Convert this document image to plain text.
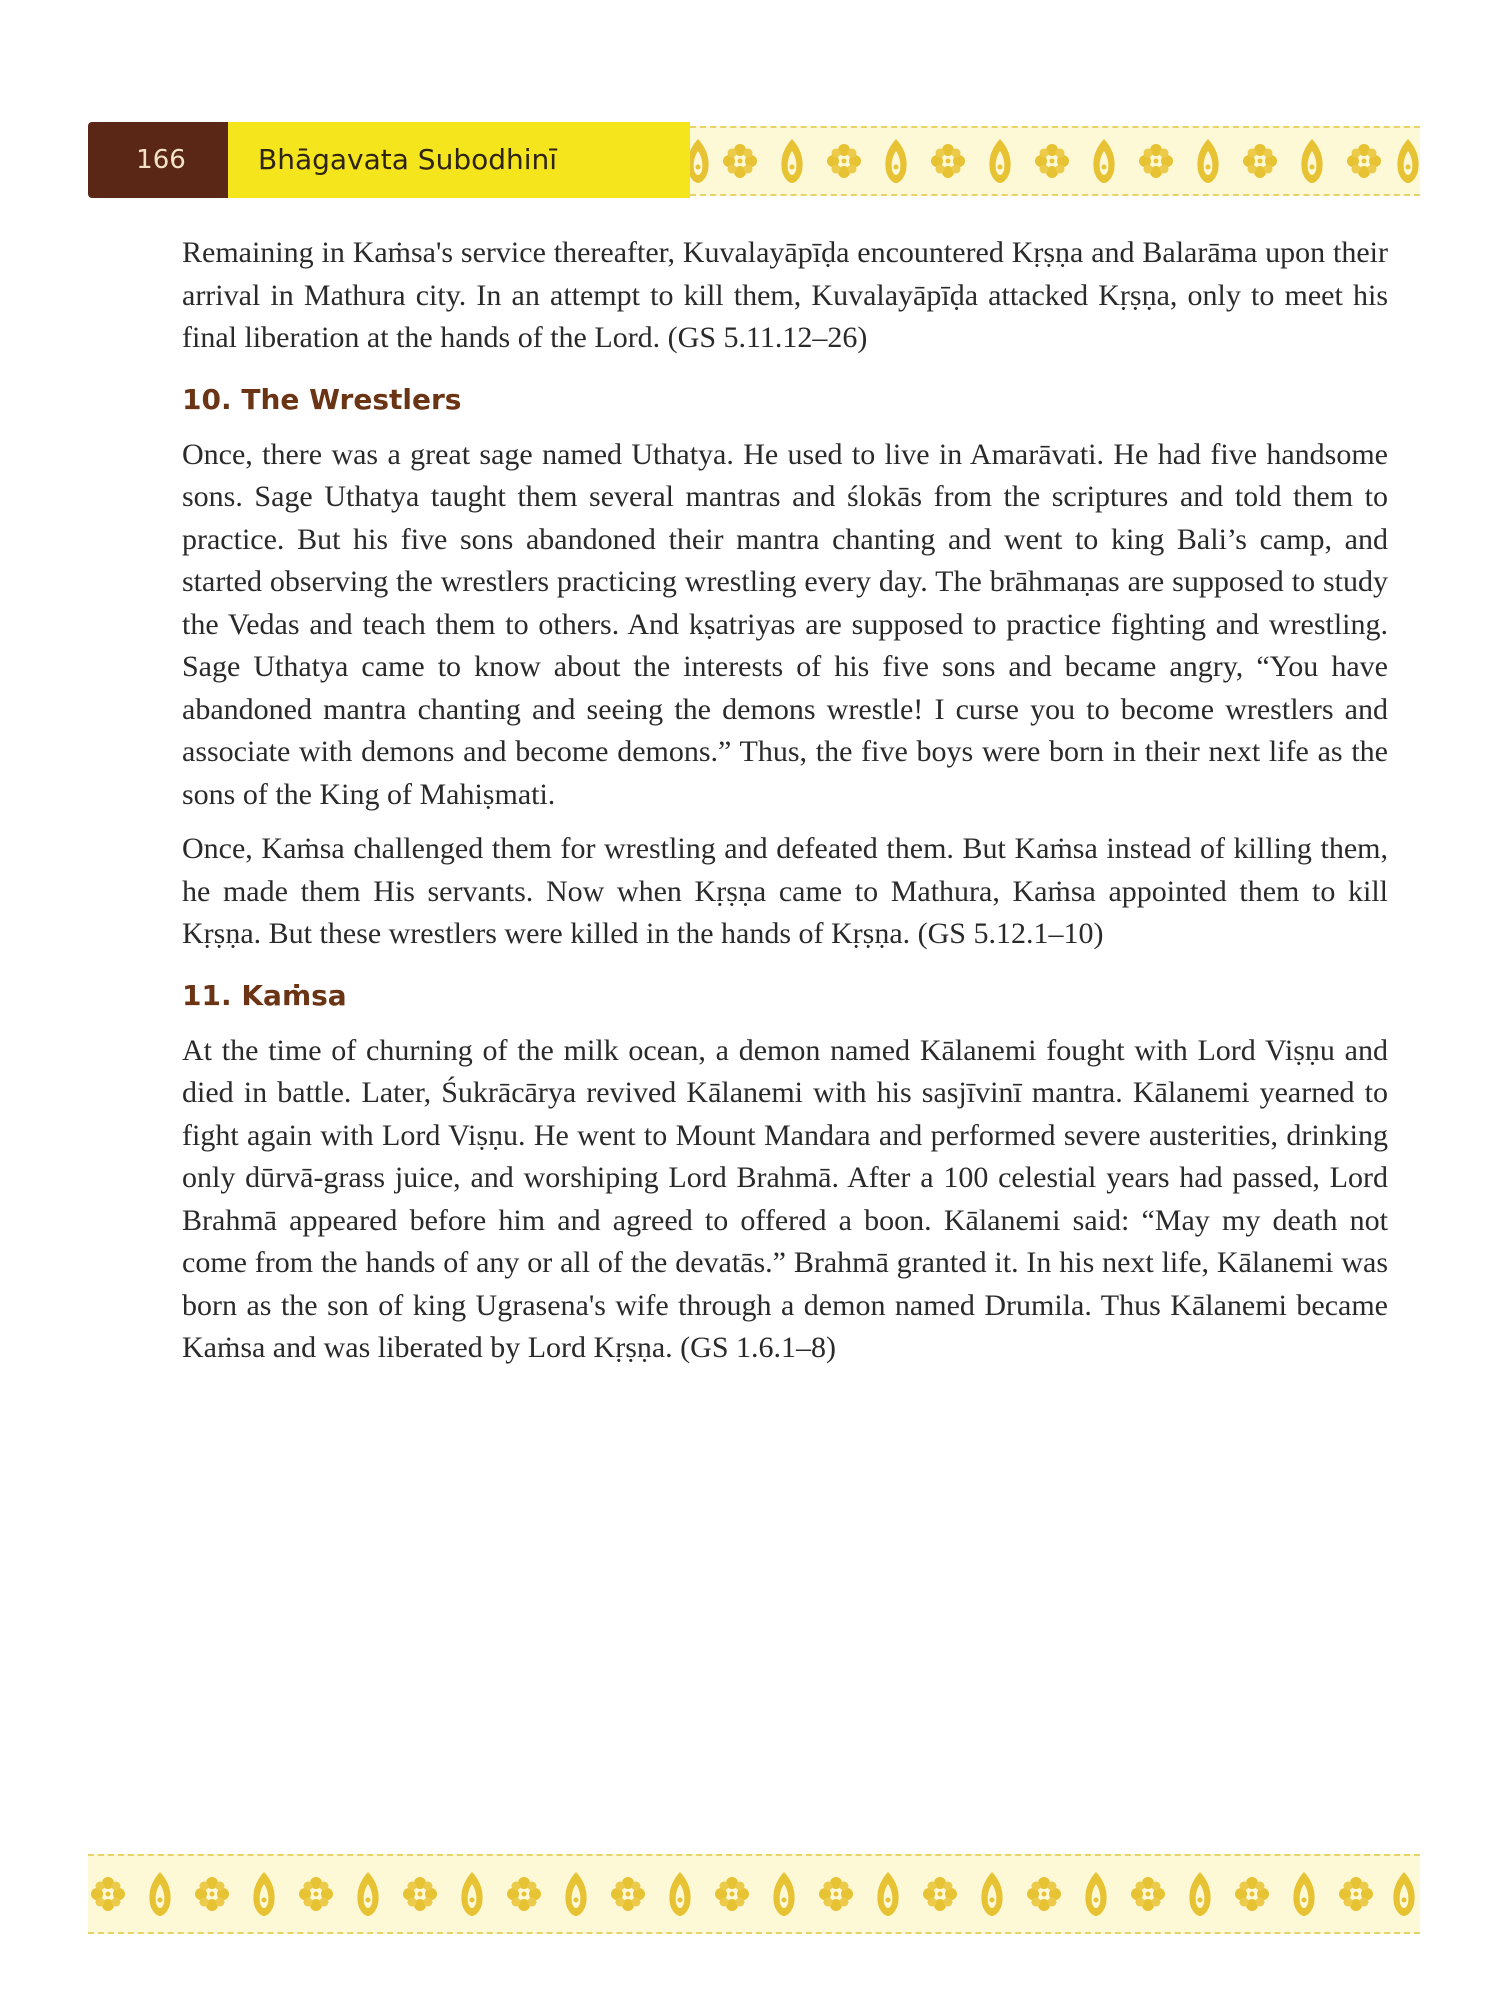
166	Bhāgavata Subodhinī

Remaining in Kaṁsa's service thereafter, Kuvalayāpīḍa encountered Kṛṣṇa and Balarāma upon their arrival in Mathura city. In an attempt to kill them, Kuvalayāpīḍa attacked Kṛṣṇa, only to meet his final liberation at the hands of the Lord. (GS 5.11.12–26)

10. The Wrestlers

Once, there was a great sage named Uthatya. He used to live in Amarāvati. He had five handsome sons. Sage Uthatya taught them several mantras and ślokās from the scriptures and told them to practice. But his five sons abandoned their mantra chanting and went to king Bali’s camp, and started observing the wrestlers practicing wrestling every day. The brāhmaṇas are supposed to study the Vedas and teach them to others. And kṣatriyas are supposed to practice fighting and wrestling. Sage Uthatya came to know about the interests of his five sons and became angry, “You have abandoned mantra chanting and seeing the demons wrestle! I curse you to become wrestlers and associate with demons and become demons.” Thus, the five boys were born in their next life as the sons of the King of Mahiṣmati.

Once, Kaṁsa challenged them for wrestling and defeated them. But Kaṁsa instead of killing them, he made them His servants. Now when Kṛṣṇa came to Mathura, Kaṁsa appointed them to kill Kṛṣṇa. But these wrestlers were killed in the hands of Kṛṣṇa. (GS 5.12.1–10)

11. Kaṁsa

At the time of churning of the milk ocean, a demon named Kālanemi fought with Lord Viṣṇu and died in battle. Later, Śukrācārya revived Kālanemi with his sasjīvinī mantra. Kālanemi yearned to fight again with Lord Viṣṇu. He went to Mount Mandara and performed severe austerities, drinking only dūrvā-grass juice, and worshiping Lord Brahmā. After a 100 celestial years had passed, Lord Brahmā appeared before him and agreed to offered a boon. Kālanemi said: “May my death not come from the hands of any or all of the devatās.” Brahmā granted it. In his next life, Kālanemi was born as the son of king Ugrasena's wife through a demon named Drumila. Thus Kālanemi became Kaṁsa and was liberated by Lord Kṛṣṇa. (GS 1.6.1–8)
